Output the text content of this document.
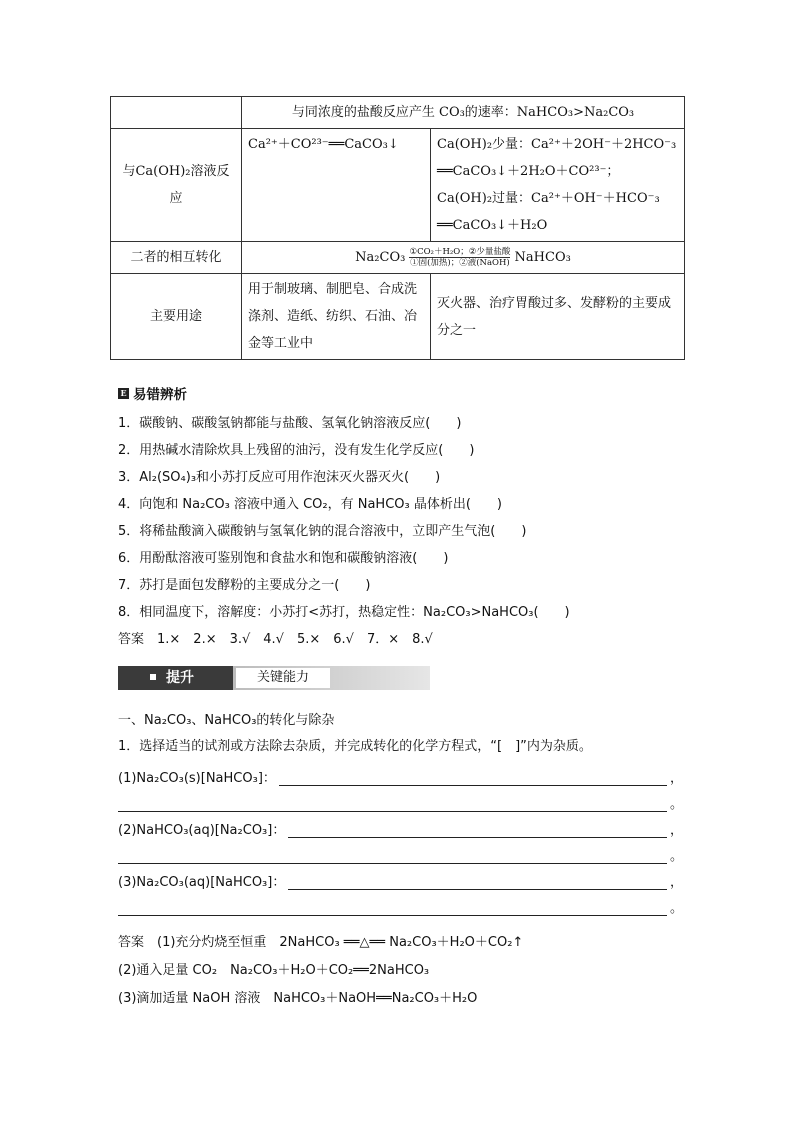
	与同浓度的盐酸反应产生 CO₃的速率：NaHCO₃>Na₂CO₃	
与Ca(OH)₂溶液反应	Ca²⁺＋CO²³⁻══CaCO₃↓	Ca(OH)₂少量：Ca²⁺＋2OH⁻＋2HCO⁻₃
══CaCO₃↓＋2H₂O＋CO²³⁻；
Ca(OH)₂过量：Ca²⁺＋OH⁻＋HCO⁻₃
══CaCO₃↓＋H₂O

二者的相互转化	Na₂CO₃ ①CO₂＋H₂O；②少量盐酸

①固(加热)；②液(NaOH) NaHCO₃	
主要用途	用于制玻璃、制肥皂、合成洗涤剂、造纸、纺织、石油、冶金等工业中	灭火器、治疗胃酸过多、发酵粉的主要成分之一
E 易错辨析
1．碳酸钠、碳酸氢钠都能与盐酸、氢氧化钠溶液反应(　　)
2．用热碱水清除炊具上残留的油污，没有发生化学反应(　　)
3．Al₂(SO₄)₃和小苏打反应可用作泡沫灭火器灭火(　　)
4．向饱和 Na₂CO₃ 溶液中通入 CO₂，有 NaHCO₃ 晶体析出(　　)
5．将稀盐酸滴入碳酸钠与氢氧化钠的混合溶液中，立即产生气泡(　　)
6．用酚酞溶液可鉴别饱和食盐水和饱和碳酸钠溶液(　　)
7．苏打是面包发酵粉的主要成分之一(　　)
8．相同温度下，溶解度：小苏打<苏打，热稳定性：Na₂CO₃>NaHCO₃(　　)
答案　1.×　2.×　3.√　4.√　5.×　6.√　7．×　8.√
提升	关键能力
一、Na₂CO₃、NaHCO₃的转化与除杂
1．选择适当的试剂或方法除去杂质，并完成转化的化学方程式，“[　]”内为杂质。
(1)Na₂CO₃(s)[NaHCO₃]：	，
。
(2)NaHCO₃(aq)[Na₂CO₃]：	，
。
(3)Na₂CO₃(aq)[NaHCO₃]：	，
。
答案　(1)充分灼烧至恒重　2NaHCO₃ ══△══ Na₂CO₃＋H₂O＋CO₂↑
(2)通入足量 CO₂　Na₂CO₃＋H₂O＋CO₂══2NaHCO₃
(3)滴加适量 NaOH 溶液　NaHCO₃＋NaOH══Na₂CO₃＋H₂O
